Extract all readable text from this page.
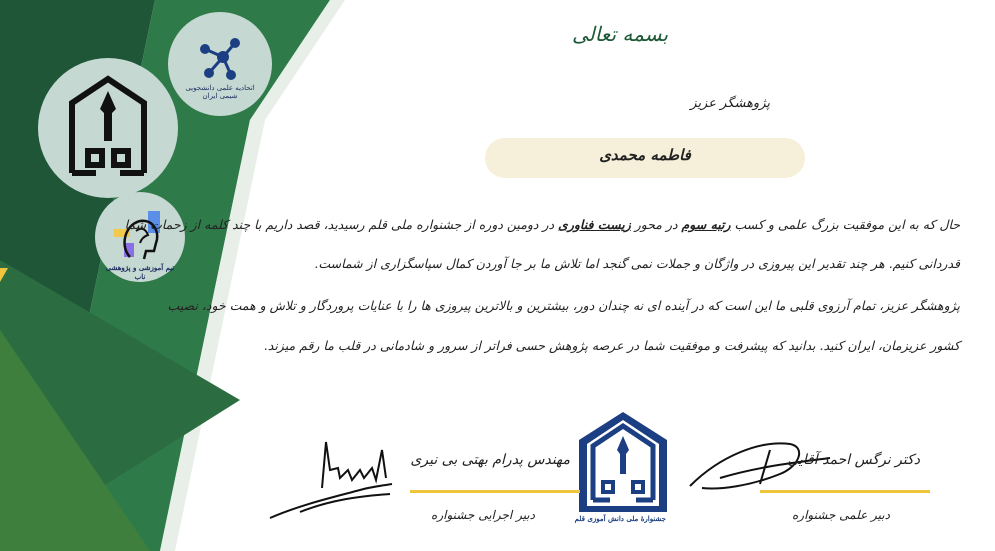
اتحادیه علمی دانشجویی شیمی ایران
تیم آموزشی و پژوهشی ناب
بسمه تعالی
پژوهشگر عزیز
فاطمه محمدی
حال که به این موفقیت بزرگ علمی و کسب رتبه سوم در محور زیست فناوری در دومین دوره از جشنواره ملی قلم رسیدید، قصد داریم با چند کلمه از زحمات شما
قدردانی کنیم. هر چند تقدیر این پیروزی در واژگان و جملات نمی گنجد اما تلاش ما بر جا آوردن کمال سپاسگزاری از شماست.
پژوهشگر عزیز، تمام آرزوی قلبی ما این است که در آینده ای نه چندان دور، بیشترین و بالاترین پیروزی ها را با عنایات پروردگار و تلاش و همت خود، نصیب
کشور عزیزمان، ایران کنید. بدانید که پیشرفت و موفقیت شما در عرصه پژوهش حسی فراتر از سرور و شادمانی در قلب ما رقم میزند.
جشنوارهٔ ملی دانش آموزی قلم
دکتر نرگس احمد آقایی
دبیر علمی جشنواره
مهندس پدرام بهتی بی نیری
دبیر اجرایی جشنواره
